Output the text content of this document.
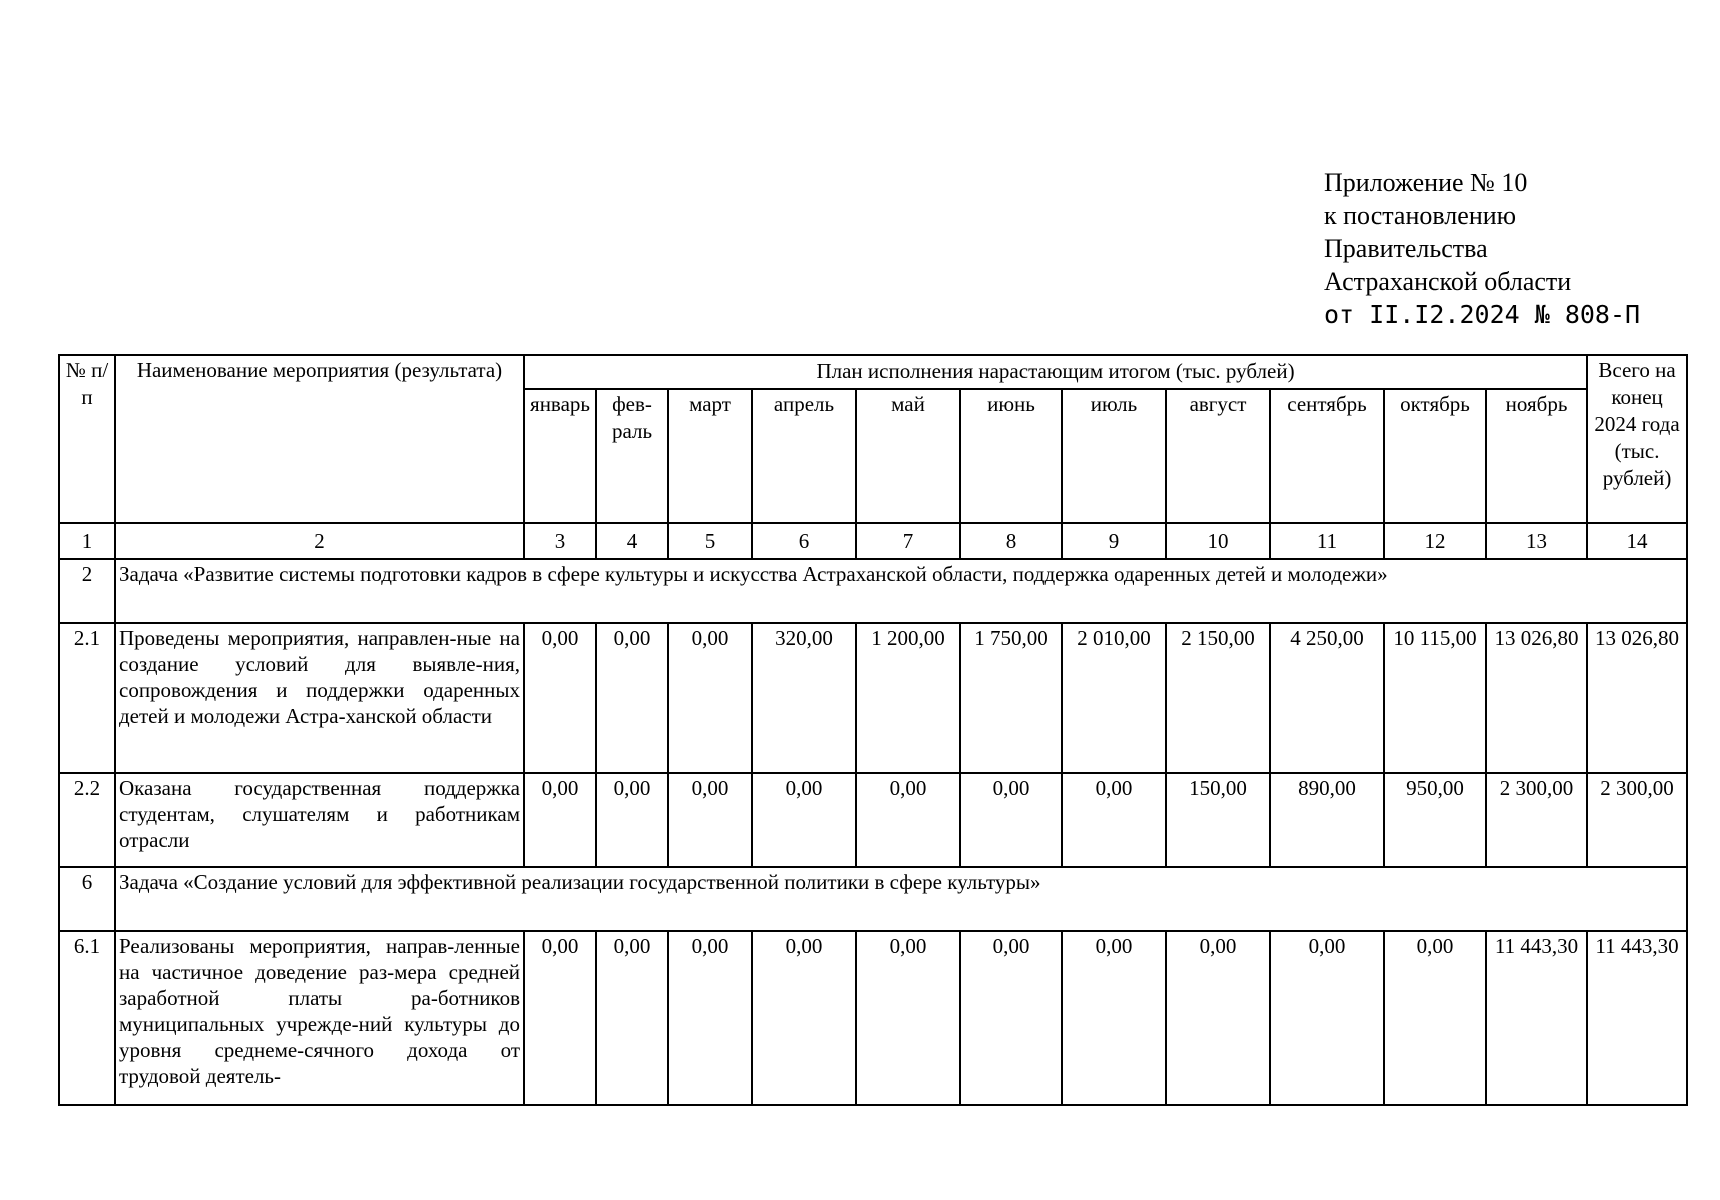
Приложение № 10
к постановлению
Правительства
Астраханской области
от II.I2.2024 № 808-П
№ п/п	Наименование мероприятия (результата)	План исполнения нарастающим итогом (тыс. рублей)											Всего на конец 2024 года (тыс. рублей)
		январь	фев-раль	март	апрель	май	июнь	июль	август	сентябрь	октябрь	ноябрь	
1	2	3	4	5	6	7	8	9	10	11	12	13	14
2	Задача «Развитие системы подготовки кадров в сфере культуры и искусства Астраханской области, поддержка одаренных детей и молодежи»												
2.1	Проведены мероприятия, направлен-ные на создание условий для выявле-ния, сопровождения и поддержки одаренных детей и молодежи Астра-ханской области	0,00	0,00	0,00	320,00	1 200,00	1 750,00	2 010,00	2 150,00	4 250,00	10 115,00	13 026,80	13 026,80
2.2	Оказана государственная поддержка студентам, слушателям и работникам отрасли	0,00	0,00	0,00	0,00	0,00	0,00	0,00	150,00	890,00	950,00	2 300,00	2 300,00
6	Задача «Создание условий для эффективной реализации государственной политики в сфере культуры»												
6.1	Реализованы мероприятия, направ-ленные на частичное доведение раз-мера средней заработной платы ра-ботников муниципальных учрежде-ний культуры до уровня среднеме-сячного дохода от трудовой деятель-	0,00	0,00	0,00	0,00	0,00	0,00	0,00	0,00	0,00	0,00	11 443,30	11 443,30
